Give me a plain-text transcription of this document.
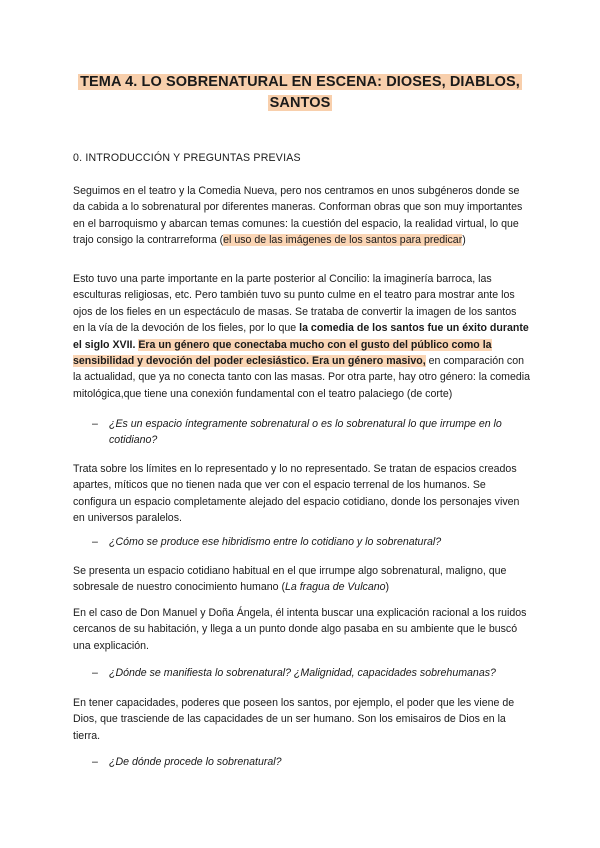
TEMA 4. LO SOBRENATURAL EN ESCENA: DIOSES, DIABLOS,
SANTOS
0. INTRODUCCIÓN Y PREGUNTAS PREVIAS
Seguimos en el teatro y la Comedia Nueva, pero nos centramos en unos subgéneros donde se da cabida a lo sobrenatural por diferentes maneras. Conforman obras que son muy importantes en el barroquismo y abarcan temas comunes: la cuestión del espacio, la realidad virtual, lo que trajo consigo la contrarreforma (el uso de las imágenes de los santos para predicar)
Esto tuvo una parte importante en la parte posterior al Concilio: la imaginería barroca, las esculturas religiosas, etc. Pero también tuvo su punto culme en el teatro para mostrar ante los ojos de los fieles en un espectáculo de masas. Se trataba de convertir la imagen de los santos en la vía de la devoción de los fieles, por lo que la comedia de los santos fue un éxito durante el siglo XVII. Era un género que conectaba mucho con el gusto del público como la sensibilidad y devoción del poder eclesiástico. Era un género masivo, en comparación con la actualidad, que ya no conecta tanto con las masas. Por otra parte, hay otro género: la comedia mitológica,que tiene una conexión fundamental con el teatro palaciego (de corte)
– ¿Es un espacio íntegramente sobrenatural o es lo sobrenatural lo que irrumpe en lo cotidiano?
Trata sobre los límites en lo representado y lo no representado. Se tratan de espacios creados apartes, míticos que no tienen nada que ver con el espacio terrenal de los humanos. Se configura un espacio completamente alejado del espacio cotidiano, donde los personajes viven en universos paralelos.
– ¿Cómo se produce ese hibridismo entre lo cotidiano y lo sobrenatural?
Se presenta un espacio cotidiano habitual en el que irrumpe algo sobrenatural, maligno, que sobresale de nuestro conocimiento humano (La fragua de Vulcano)
En el caso de Don Manuel y Doña Ángela, él intenta buscar una explicación racional a los ruidos cercanos de su habitación, y llega a un punto donde algo pasaba en su ambiente que le buscó una explicación.
– ¿Dónde se manifiesta lo sobrenatural? ¿Malignidad, capacidades sobrehumanas?
En tener capacidades, poderes que poseen los santos, por ejemplo, el poder que les viene de Dios, que trasciende de las capacidades de un ser humano. Son los emisairos de Dios en la tierra.
– ¿De dónde procede lo sobrenatural?
